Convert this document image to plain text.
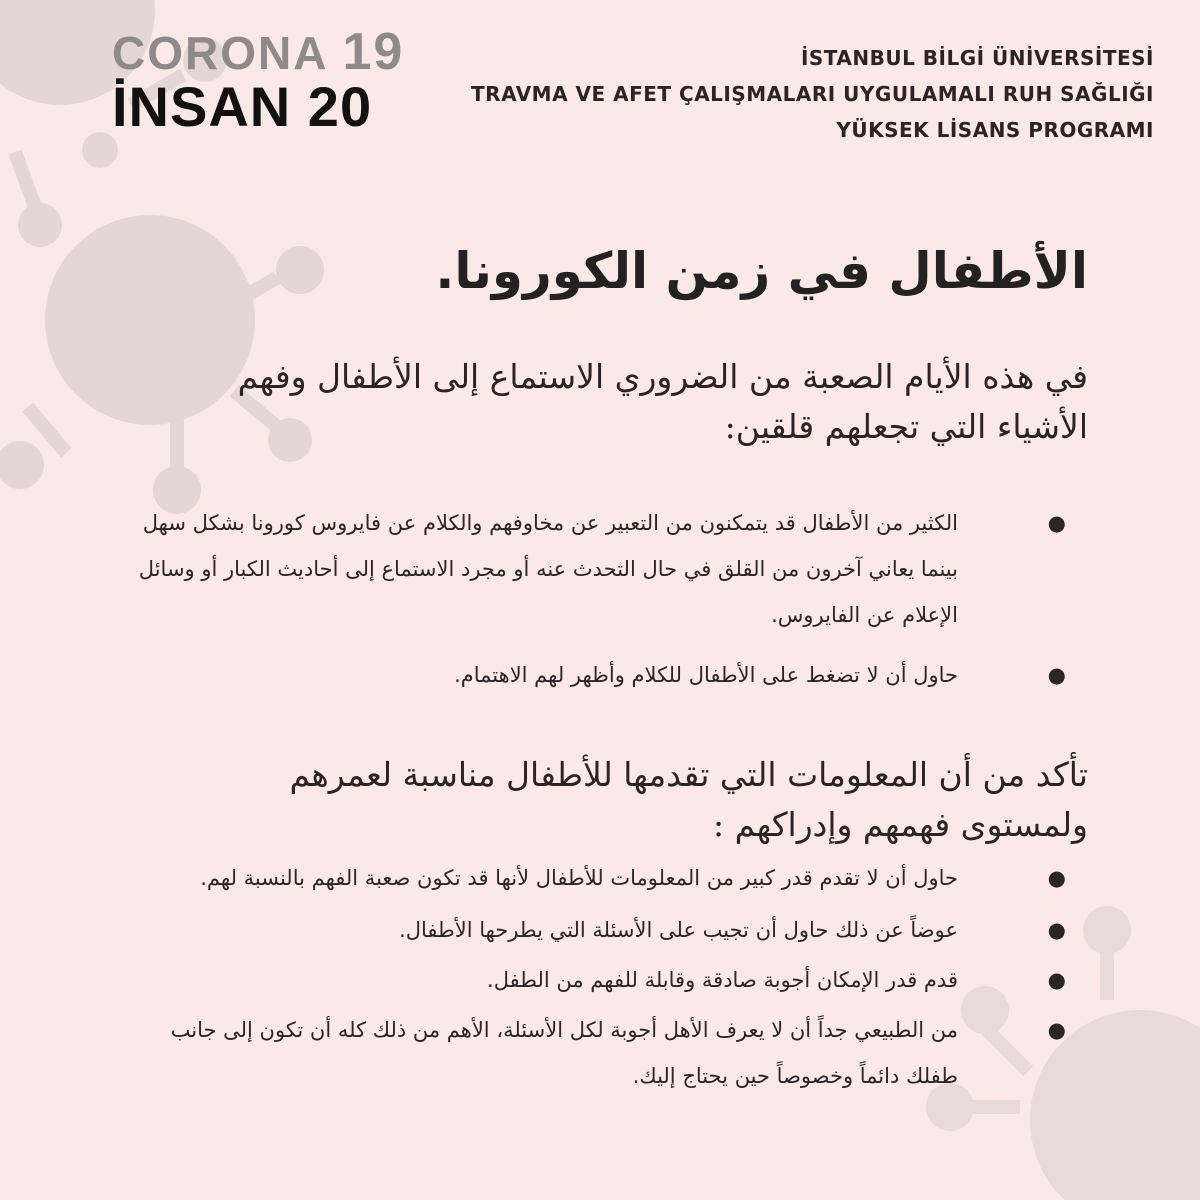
CORONA 19
İNSAN 20
İSTANBUL BİLGİ ÜNİVERSİTESİ
TRAVMA VE AFET ÇALIŞMALARI UYGULAMALI RUH SAĞLIĞI
YÜKSEK LİSANS PROGRAMI
الأطفال في زمن الكورونا.
في هذه الأيام الصعبة من الضروري الاستماع إلى الأطفال وفهم الأشياء التي تجعلهم قلقين:
●
الكثير من الأطفال قد يتمكنون من التعبير عن مخاوفهم والكلام عن فايروس كورونا بشكل سهل بينما يعاني آخرون من القلق في حال التحدث عنه أو مجرد الاستماع إلى أحاديث الكبار أو وسائل الإعلام عن الفايروس.
●
حاول أن لا تضغط على الأطفال للكلام وأظهر لهم الاهتمام.
تأكد من أن المعلومات التي تقدمها للأطفال مناسبة لعمرهم ولمستوى فهمهم وإدراكهم :
●
حاول أن لا تقدم قدر كبير من المعلومات للأطفال لأنها قد تكون صعبة الفهم بالنسبة لهم.
●
عوضاً عن ذلك حاول أن تجيب على الأسئلة التي يطرحها الأطفال.
●
قدم قدر الإمكان أجوبة صادقة وقابلة للفهم من الطفل.
●
من الطبيعي جداً أن لا يعرف الأهل أجوبة لكل الأسئلة، الأهم من ذلك كله أن تكون إلى جانب طفلك دائماً وخصوصاً حين يحتاج إليك.
